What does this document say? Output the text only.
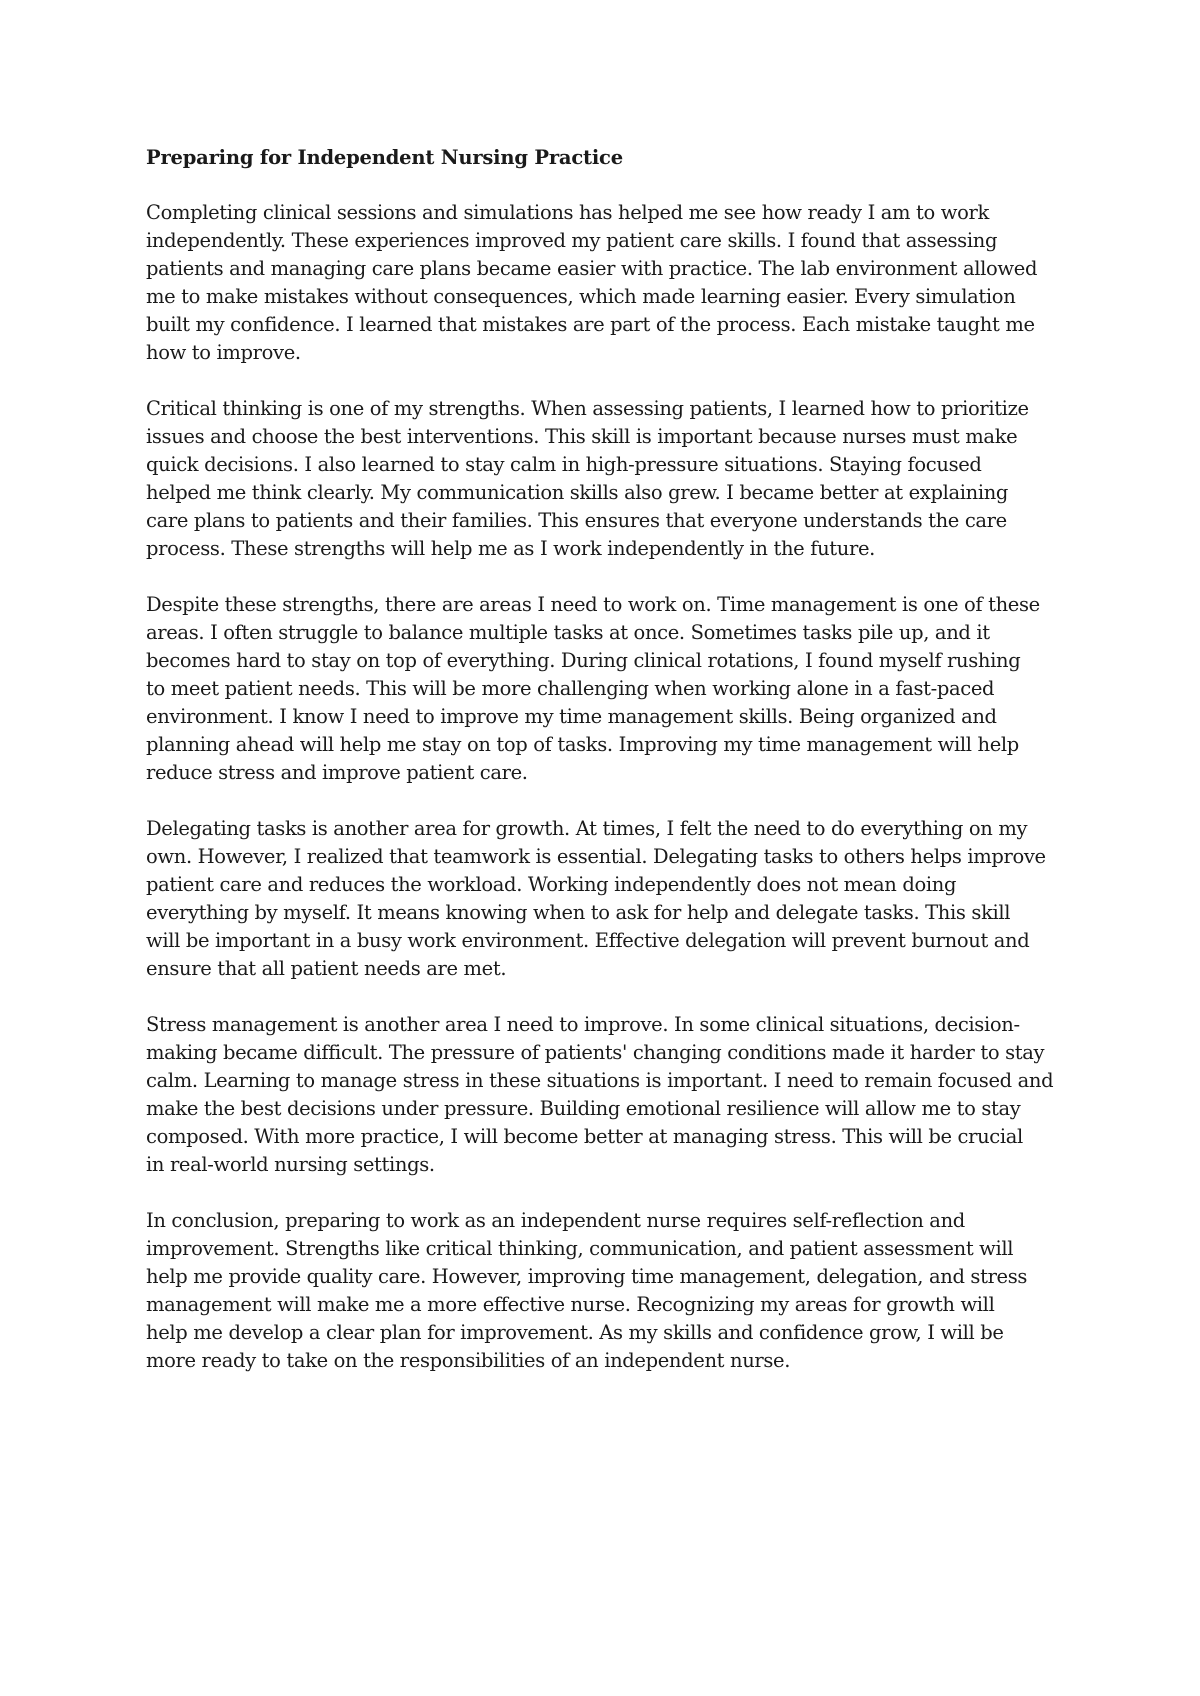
Preparing for Independent Nursing Practice
Completing clinical sessions and simulations has helped me see how ready I am to work
independently. These experiences improved my patient care skills. I found that assessing
patients and managing care plans became easier with practice. The lab environment allowed
me to make mistakes without consequences, which made learning easier. Every simulation
built my confidence. I learned that mistakes are part of the process. Each mistake taught me
how to improve.
Critical thinking is one of my strengths. When assessing patients, I learned how to prioritize
issues and choose the best interventions. This skill is important because nurses must make
quick decisions. I also learned to stay calm in high-pressure situations. Staying focused
helped me think clearly. My communication skills also grew. I became better at explaining
care plans to patients and their families. This ensures that everyone understands the care
process. These strengths will help me as I work independently in the future.
Despite these strengths, there are areas I need to work on. Time management is one of these
areas. I often struggle to balance multiple tasks at once. Sometimes tasks pile up, and it
becomes hard to stay on top of everything. During clinical rotations, I found myself rushing
to meet patient needs. This will be more challenging when working alone in a fast-paced
environment. I know I need to improve my time management skills. Being organized and
planning ahead will help me stay on top of tasks. Improving my time management will help
reduce stress and improve patient care.
Delegating tasks is another area for growth. At times, I felt the need to do everything on my
own. However, I realized that teamwork is essential. Delegating tasks to others helps improve
patient care and reduces the workload. Working independently does not mean doing
everything by myself. It means knowing when to ask for help and delegate tasks. This skill
will be important in a busy work environment. Effective delegation will prevent burnout and
ensure that all patient needs are met.
Stress management is another area I need to improve. In some clinical situations, decision-
making became difficult. The pressure of patients' changing conditions made it harder to stay
calm. Learning to manage stress in these situations is important. I need to remain focused and
make the best decisions under pressure. Building emotional resilience will allow me to stay
composed. With more practice, I will become better at managing stress. This will be crucial
in real-world nursing settings.
In conclusion, preparing to work as an independent nurse requires self-reflection and
improvement. Strengths like critical thinking, communication, and patient assessment will
help me provide quality care. However, improving time management, delegation, and stress
management will make me a more effective nurse. Recognizing my areas for growth will
help me develop a clear plan for improvement. As my skills and confidence grow, I will be
more ready to take on the responsibilities of an independent nurse.
